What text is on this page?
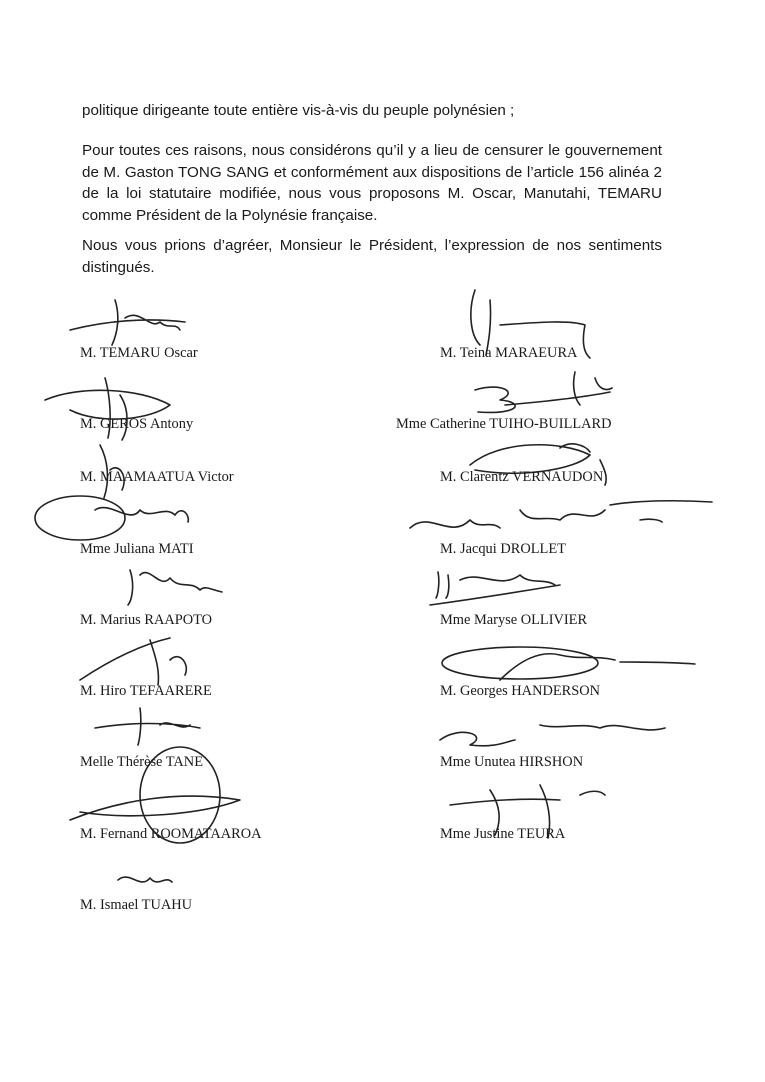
politique dirigeante toute entière vis-à-vis du peuple polynésien ;

Pour toutes ces raisons, nous considérons qu’il y a lieu de censurer le gouvernement de M. Gaston TONG SANG et conformément aux dispositions de l’article 156 alinéa 2 de la loi statutaire modifiée, nous vous proposons M. Oscar, Manutahi, TEMARU comme Président de la Polynésie française.

Nous vous prions d’agréer, Monsieur le Président, l’expression de nos sentiments distingués.

M. TEMARU Oscar

M. GEROS Antony

M. MAAMAATUA Victor

Mme Juliana MATI

M. Marius RAAPOTO

M. Hiro TEFAARERE

Melle Thérèse TANE

M. Fernand ROOMATAAROA

M. Ismael TUAHU

M. Teina MARAEURA

Mme Catherine TUIHO-BUILLARD

M. Clarentz VERNAUDON

M. Jacqui DROLLET

Mme Maryse OLLIVIER

M. Georges HANDERSON

Mme Unutea HIRSHON

Mme Justine TEURA
